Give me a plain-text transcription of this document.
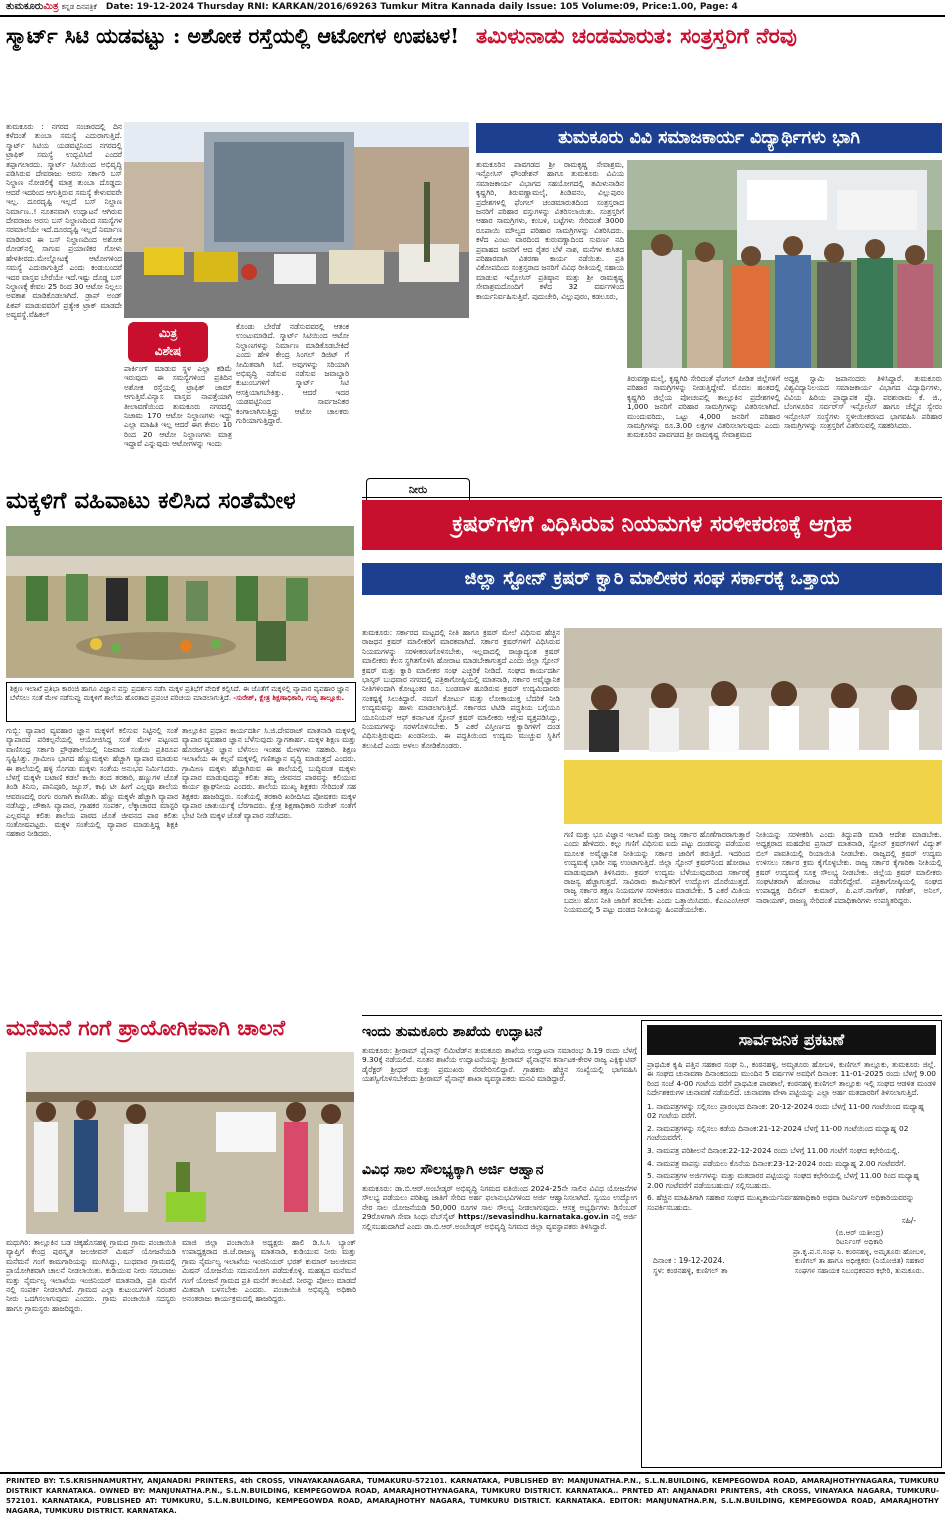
ತುಮಕೂರುಮಿತ್ರ ಕನ್ನಡ ದಿನಪತ್ರಿಕೆ Date: 19-12-2024 Thursday RNI: KARKAN/2016/69263 Tumkur Mitra Kannada daily Issue: 105 Volume:09, Price:1.00, Page: 4
ಸ್ಮಾರ್ಟ್ ಸಿಟಿ ಯಡವಟ್ಟು : ಅಶೋಕ ರಸ್ತೆಯಲ್ಲಿ ಆಟೋಗಳ ಉಪಟಳ!
ತುಮಕೂರು : ನಗರದ ಸಂಚಾರದಲ್ಲಿ ದಿನ ಕಳೆದಂತೆ ತುಂಬಾ ಸಮಸ್ಯೆ ಎದುರಾಗುತ್ತಿದೆ. ಸ್ಮಾರ್ಟ್ ಸಿಟಿಯ ಯಡವಟ್ಟಿನಿಂದ ನಗರದಲ್ಲಿ ಟ್ರಾಫಿಕ್ ಸಮಸ್ಯೆ ಉದ್ಭವಿಸಿದೆ ಎಂದರೆ ತಪ್ಪಾಗಲಾರದು. ಸ್ಮಾರ್ಟ್ ಸಿಟಿಯಿಂದ ಅಭಿವೃದ್ಧಿ ಪಡಿಸಿರುವ ದೇವರಾಜು ಅರಸು ಸರ್ಕಾರಿ ಬಸ್ ನಿಲ್ದಾಣ ನೋಡಲಿಕ್ಕೆ ಮಾತ್ರ ತುಂಬಾ ದೊಡ್ಡದು ಆದರೆ ಇದರಿಂದ ಆಗುತ್ತಿರುವ ಸಮಸ್ಯೆ ಕೇಳುವವರೇ ಇಲ್ಲ. ದೂರದೃಷ್ಟಿ ಇಲ್ಲದೆ ಬಸ್ ನಿಲ್ದಾಣ ನಿರ್ಮಾಣ..! ನೂತನವಾಗಿ ಉದ್ಘಾಟನೆ ಆಗಿರುವ ದೇವರಾಜು ಅರಸು ಬಸ್ ನಿಲ್ದಾಣದಿಂದ ಸಮಸ್ಯೆಗಳ ಸರಮಾಲೆಯೇ ಇದೆ.ದೂರದೃಷ್ಟಿ ಇಲ್ಲದೆ ನಿರ್ಮಾಣ ಮಾಡಿರುವ ಈ ಬಸ್ ನಿಲ್ದಾಣದಿಂದ ಅಶೋಕ ರೋಡ್‌ನಲ್ಲಿ ಸಾಗುವ ಪ್ರಯಾಣಿಕರ ಗೋಳು ಹೇಳತೀರದು.ಮೇಲ್ನೋಟಕ್ಕೆ ಆಟೋಗಳಿಂದ ಸಮಸ್ಯೆ ಎದುರಾಗುತ್ತಿದೆ ಎಂದು ಕಂಡುಬಂದರೆ ಇದರ ವಾಸ್ತವ ಬೇರೆಯೇ ಇದೆ.ಇಷ್ಟು ದೊಡ್ಡ ಬಸ್ ನಿಲ್ದಾಣಕ್ಕೆ ಕೇವಲ 25 ರಿಂದ 30 ಆಟೋ ನಿಲ್ಲಲು ಅವಕಾಶ ಮಾಡಿಕೊಡಲಾಗಿದೆ. ಡ್ರಾಪ್ ಅಂಡ್ ಪಿಕಪ್ ಮಾಡುವವರಿಗೆ ಪ್ರತ್ಯೇಕ ಟ್ರಾಕ್ ಮಾಡದೇ ಅವ್ಯವಸ್ಥೆ.ವೆಹಿಕಲ್
ಪಾರ್ಕಿಂಗ್ ಮಾಡುವ ಸ್ಥಳ ಎಲ್ಲಾ ಕಡಿಮೆ ಇರುವುದು ಈ ಸಮಸ್ಯೆಗಳಿಂದ ಪ್ರತಿದಿನ ಅಶೋಕ ರಸ್ತೆಯಲ್ಲಿ ಟ್ರಾಫಿಕ್ ಜಾಮ್ ಆಗುತ್ತಿವೆ.ವಿನ್ಯಾಸ ವಾಸ್ತವ ನಾಪತ್ತೆಯಾಗಿ ತೀಲಾವಣೆಯಿಂದ ತುಮಕೂರು ನಗರದಲ್ಲಿ ನಿಜಾಮ 170 ಆಟೋ ನಿಲ್ದಾಣಗಳು ಇದ್ದು ಎಲ್ಲಾ ಮಾಹಿತಿ ಇಲ್ಲ ಆದರೆ ಈಗ ಕೇವಲ 10 ರಿಂದ 20 ಆಟೋ ನಿಲ್ದಾಣಗಳು ಮಾತ್ರ ಇದ್ದಾವೆ ಎನ್ನುವುದು ಆಟೋಗಳನ್ನು ಇಂದು
ಮಿತ್ರ
ವಿಶೇಷ
ಕೊಂಡು ಬೇರೆಡೆ ನಡೆಸುವವರಲ್ಲಿ ಆತಂಕ ಉಂಟುಮಾಡಿದೆ. ಸ್ಮಾರ್ಟ್ ಸಿಟಿಯಿಂದ ಆಟೋ ನಿಲ್ದಾಣಗಳನ್ನು ನಿರ್ಮಾಣ ಮಾಡಿಕೊಡಬೇಕಿದೆ ಎಂದು ಹೇಳಿ ಕೇಂದ್ರ ಸಿಂಗಲ್ ಡಿಜಿಟ್ ಗೆ ಸೀಮಿತವಾಗಿ ಸಿದೆ. ಅವುಗಳನ್ನು ಸರಿಯಾಗಿ ಅಭಿವೃದ್ಧಿ ನಡೆಸುವ ನಡೆಸುವ ಜವಾಬ್ದಾರಿ ಕುಟುಂಬಗಳಿಗೆ ಸ್ಮಾರ್ಟ್ ಸಿಟಿ ಆಸಕ್ತಿಯಾಗಬೇಕಿತ್ತು. ಆದರೆ ಇದರ ಯಡವಟ್ಟಿನಿಂದ ಸಾರ್ವಜನಿಕರ ಕಂಗಾಲಾಗಿಸುತ್ತಿದ್ದು ಆಟೋ ಚಾಲಕರು ಗುರಿಯಾಗುತ್ತಿದ್ದಾರೆ.
ತಮಿಳುನಾಡು ಚಂಡಮಾರುತ: ಸಂತ್ರಸ್ತರಿಗೆ ನೆರವು
ತುಮಕೂರು ವಿವಿ ಸಮಾಜಕಾರ್ಯ ವಿದ್ಯಾರ್ಥಿಗಳು ಭಾಗಿ
ತುಮಕೂರಿನ ಪಾವಗಡದ ಶ್ರೀ ರಾಮಕೃಷ್ಣ ಸೇವಾಶ್ರಮ, ಇನ್ಫೋಸಿಸ್ ಫೌಂಡೇಶನ್ ಹಾಗೂ ತುಮಕೂರು ವಿವಿಯ ಸಮಾಜಕಾರ್ಯ ವಿಭಾಗದ ಸಹಯೋಗದಲ್ಲಿ ತಮಿಳುನಾಡಿನ ಕೃಷ್ಣಗಿರಿ, ತಿರುವಣ್ಣಾಮಲೈ, ತಿಂಡಿವನಂ, ವಿಲ್ಲುಪುರಂ ಪ್ರದೇಶಗಳಲ್ಲಿ ಫೆಂಗಲ್ ಚಂಡಮಾರುತದಿಂದ ಸಂತ್ರಸ್ತರಾದ ಜನರಿಗೆ ಪರಿಹಾರ ವಸ್ತುಗಳನ್ನು ವಿತರಿಸಲಾಯಿತು. ಸಂತ್ರಸ್ತರಿಗೆ ಆಹಾರ ಸಾಮಗ್ರಿಗಳು, ಕಂಬಳಿ, ಬಟ್ಟೆಗಳು ಸೇರಿದಂತೆ 3000 ರೂಪಾಯಿ ಮೌಲ್ಯದ ಪರಿಹಾರ ಸಾಮಗ್ರಿಗಳನ್ನು ವಿತರಿಸಿದರು. ಕಳೆದ ಎಂಟು ವಾರದಿಂದ ಕುರುವಣ್ಣಾದಿಂದ ಸುವರ್ಣ ನದಿ ಪ್ರವಾಹದ ಜನರಿಗೆ ಆದ ರೈತರ ಬೆಳೆ ನಾಶ, ಮನೆಗಳ ಕುಸಿತದ ಪರಿಹಾರವಾಗಿ ವಿತರಣಾ ಕಾರ್ಯ ನಡೆಯಿತು. ಪ್ರತಿ ವಿಕೋಪದಿಂದ ಸಂತ್ರಸ್ತರಾದ ಜನರಿಗೆ ವಿವಿಧ ರೀತಿಯಲ್ಲಿ ಸಹಾಯ ಮಾಡುವ ಇನ್ಫೋಸಿಸ್ ಪ್ರತಿಷ್ಠಾನ ಮತ್ತು ಶ್ರೀ ರಾಮಕೃಷ್ಣ ಸೇವಾಶ್ರಮದೊಂದಿಗೆ ಕಳೆದ 32 ವರ್ಷಗಳಿಂದ ಕಾರ್ಯನಿರ್ವಹಿಸುತ್ತಿವೆ. ಪುದುಚೇರಿ, ವಿಲ್ಲುಪುರಂ, ಕಡಲೂರು,
ತಿರುವಣ್ಣಾಮಲೈ, ಕೃಷ್ಣಗಿರಿ ಸೇರಿದಂತೆ ಫೆಂಗಲ್ ಪೀಡಿತ ಜಿಲ್ಲೆಗಳಿಗೆ ಪರಿಹಾರ ಸಾಮಗ್ರಿಗಳನ್ನು ನೀಡುತ್ತಿದ್ದೇವೆ. ಮೊದಲ ಹಂತದಲ್ಲಿ ಕೃಷ್ಣಗಿರಿ ಜಿಲ್ಲೆಯ ಪೋಚಂಪಲ್ಲಿ ತಾಲ್ಲೂಕಿನ ಪ್ರದೇಶಗಳಲ್ಲಿ 1,000 ಜನರಿಗೆ ಪರಿಹಾರ ಸಾಮಗ್ರಿಗಳನ್ನು ವಿತರಿಸಲಾಗಿದೆ. ಮುಂದುವರಿದು, ಒಟ್ಟು 4,000 ಜನರಿಗೆ ಪರಿಹಾರ ಸಾಮಗ್ರಿಗಳನ್ನು ರೂ.3.00 ಲಕ್ಷಗಳ ವಿತರಿಸಲಾಗುವುದು ಎಂದು ತುಮಕೂರಿನ ಪಾವಗಡದ ಶ್ರೀ ರಾಮಕೃಷ್ಣ ಸೇವಾಶ್ರಮದ
ಅಧ್ಯಕ್ಷ ಸ್ವಾಮಿ ಜಪಾನಂದರು ತಿಳಿಸಿದ್ದಾರೆ. ತುಮಕೂರು ವಿಶ್ವವಿದ್ಯಾನಿಲಯದ ಸಮಾಜಕಾರ್ಯ ವಿಭಾಗದ ವಿದ್ಯಾರ್ಥಿಗಳು, ವಿವಿಯ ಹಿರಿಯ ಪ್ರಾಧ್ಯಾಪಕ ಪ್ರೊ. ಪರಶುರಾಮ ಕೆ. ಜಿ., ಬೆಂಗಳೂರಿನ ಸರ್ವರ್‌ಸ್ ಇನ್ಫೋಸಿಸ್ ಹಾಗೂ ಚೆನ್ನೈನ ಸ್ವೇರಂ ಇನ್ಫೋಸಿಸ್ ಸಂಸ್ಥೆಗಳು ಸ್ಥಳೀಯೀಕರಣದ ಭಾಗವಹಿಸಿ ಪರಿಹಾರ ಸಾಮಗ್ರಿಗಳನ್ನು ಸಂತ್ರಸ್ತರಿಗೆ ವಿತರಿಸುವಲ್ಲಿ ಸಹಕರಿಸಿದರು.
ಮಕ್ಕಳಿಗೆ ವಹಿವಾಟು ಕಲಿಸಿದ ಸಂತೆಮೇಳ	ನೀರು
ಶಿಕ್ಷಣ ಇಲಾಖೆ ಪ್ರತಿಭಾ ಕಾರಂಜಿ ಹಾಗೂ ವಿಜ್ಞಾನ ವಸ್ತು ಪ್ರದರ್ಶನ ನಡೆಸಿ ಮಕ್ಕಳ ಪ್ರತಿಭೆಗೆ ವೇದಿಕೆ ಕಲ್ಪಿಸಿದೆ. ಈ ಜೊತೆಗೆ ಮಕ್ಕಳಲ್ಲಿ ವ್ಯಾಪಾರ ವ್ಯವಹಾರ ಜ್ಞಾನ ಬೆಳೆಸಲು ಸಂತೆ ಮೇಳ ನಡೆಸುವ್ವು ಮಕ್ಕಳಿಗೆ ಶಾಲೆಯ ಹೊರತಾದ ಪ್ರಪಂಚ ಪರಿಚಯ ಮಾಡಲಾಗುತ್ತಿದೆ. -ಸುರೇಶ್, ಕ್ಷೇತ್ರ ಶಿಕ್ಷಣಾಧಿಕಾರಿ, ಗುಬ್ಬಿ ತಾಲ್ಲೂಕು.
ಗುಬ್ಬಿ: ವ್ಯಾಪಾರ ವ್ಯವಹಾರ ಜ್ಞಾನ ಮಕ್ಕಳಿಗೆ ಕಲಿಸುವ ನಿಟ್ಟಿನಲ್ಲಿ ಸಂತೆ ವ್ಯಾಪಾರದ ಪರಿಕಲ್ಪನೆಯಲ್ಲಿ ಆಯೋಜಿಸಿದ್ದ ಸಂತೆ ಮೇಳ ಪಟ್ಟಣದ ವಾಣಿಸಂಧ್ರ ಸರ್ಕಾರಿ ಪ್ರೌಢಶಾಲೆಯಲ್ಲಿ ನಿಜವಾದ ಸಂತೆಯ ಪ್ರತಿರೂಪ ಸೃಷ್ಟಿಸಿತ್ತು. ಗ್ರಾಮೀಣ ಭಾಗದ ಹೆಣ್ಣುಮಕ್ಕಳು ಹೆಚ್ಚಾಗಿ ವ್ಯಾಪಾರ ಮಾಡುವ ಈ ಶಾಲೆಯಲ್ಲಿ ಹಳ್ಳಿ ಸೊಗಡು ಮಕ್ಕಳು ಸಂತೆಯ ಅನುಭವ ನಿರ್ಮಿಸಿದರು. ಬೆಳಗ್ಗೆ ಮಕ್ಕಳೇ ಬಟಾಣಿ ಕಡಲೆ ಕಾಯಿ ತಂದ ತರಕಾರಿ, ಹಣ್ಣುಗಳ ಜೊತೆ ತಿಂಡಿ ತಿನಿಸು, ಪಾನಿಪೂರಿ, ಜ್ಯೂಸ್, ಕಾಫಿ ಟೀ ಹೀಗೆ ಎಲ್ಲವೂ ಶಾಲೆಯ ಆವರಣದಲ್ಲಿ ರಂಗು ರಂಗಾಗಿ ಕಾಣಿಸಿತು. ಹೆಣ್ಣು ಮಕ್ಕಳೇ ಹೆಚ್ಚಾಗಿ ವ್ಯಾಪಾರ ನಡೆಸಿದ್ದು, ಚೌಕಾಸಿ ವ್ಯಾಪಾರ, ಗ್ರಾಹಕರ ಸಂಪರ್ಕ, ಲೆಕ್ಕಾಚಾರದ ಮಾಸ್ಟರಿ ಎಲ್ಲವನ್ನೂ ಕಲಿತು ಶಾಲೆಯ ಪಾಠದ ಜೊತೆ ಜೀವನದ ಪಾಠ ಕಲಿತು ಸಂತೋಷಪಟ್ಟರು. ಮಕ್ಕಳ ಸಂತೆಯಲ್ಲಿ ವ್ಯಾಪಾರ ಮಾಡುತ್ತಿದ್ದ ಶಿಕ್ಷಕಿ ಸಹಕಾರ ನೀಡಿದರು.
ತಾಲ್ಲೂಕಿನ ಪ್ರಧಾನ ಕಾರ್ಯದರ್ಶಿ ಸಿ.ಜಿ.ದೇವರಾಜ್ ಮಾತನಾಡಿ ಮಕ್ಕಳಲ್ಲಿ ವ್ಯಾಪಾರ ವ್ಯವಹಾರ ಜ್ಞಾನ ಬೆಳೆಸುವುದು ಸ್ವಾಗತಾರ್ಹ. ಮಕ್ಕಳ ಶಿಕ್ಷಣ ಮತ್ತು ಹೊರಜಗತ್ತಿನ ಜ್ಞಾನ ಬೆಳೆಸಲು ಇಂತಹ ಮೇಳಗಳು ಸಹಕಾರಿ. ಶಿಕ್ಷಣ ಇಲಾಖೆಯ ಈ ಕಲ್ಪನೆ ಮಕ್ಕಳಲ್ಲಿ ಗಣಿತಜ್ಞಾನ ವೃದ್ಧಿ ಮಾಡುತ್ತದೆ ಎಂದರು. ಗ್ರಾಮೀಣ ಮಕ್ಕಳು ಹೆಚ್ಚಾಗಿರುವ ಈ ಶಾಲೆಯಲ್ಲಿ ಬುದ್ಧಿವಂತ ಮಕ್ಕಳು ವ್ಯಾಪಾರ ಮಾಡುವುದನ್ನು ಕಲಿತು ತಮ್ಮ ಜೀವನದ ಪಾಠವನ್ನು ಕಲಿಯುವ ಕಾರ್ಯ ಶ್ಲಾಘನೀಯ ಎಂದರು. ಶಾಲೆಯ ಮುಖ್ಯ ಶಿಕ್ಷಕರು ಸೇರಿದಂತೆ ಸಹ ಶಿಕ್ಷಕರು ಹಾಜರಿದ್ದರು. ಸಂತೆಯಲ್ಲಿ ತರಕಾರಿ ಖರೀದಿಸಿದ ಪೋಷಕರು ಮಕ್ಕಳ ವ್ಯಾಪಾರ ಚಾತುರ್ಯಕ್ಕೆ ಬೆರಗಾದರು. ಕ್ಷೇತ್ರ ಶಿಕ್ಷಣಾಧಿಕಾರಿ ಸುರೇಶ್ ಸಂತೆಗೆ ಭೇಟಿ ನೀಡಿ ಮಕ್ಕಳ ಜೊತೆ ವ್ಯಾಪಾರ ನಡೆಸಿದರು.
ಕ್ರಷರ್‌ಗಳಿಗೆ ವಿಧಿಸಿರುವ ನಿಯಮಗಳ ಸರಳೀಕರಣಕ್ಕೆ ಆಗ್ರಹ
ಜಿಲ್ಲಾ ಸ್ಟೋನ್ ಕ್ರಷರ್ ಕ್ವಾರಿ ಮಾಲೀಕರ ಸಂಘ ಸರ್ಕಾರಕ್ಕೆ ಒತ್ತಾಯ
ತುಮಕೂರು: ಸರ್ಕಾರದ ಮಟ್ಟದಲ್ಲಿ ನೀತಿ ಹಾಗೂ ಕ್ರಷರ್ ಮೇಲೆ ವಿಧಿಸುವ ಹೆಚ್ಚಿನ ರಾಜಧನ ಕ್ರಷರ್ ಮಾಲೀಕರಿಗೆ ಮಾರಕವಾಗಿದೆ. ಸರ್ಕಾರ ಕ್ರಷರ್‌ಗಳಿಗೆ ವಿಧಿಸಿರುವ ನಿಯಮಗಳನ್ನು ಸರಳೀಕರಣಗೊಳಿಸಬೇಕು, ಇಲ್ಲವಾದಲ್ಲಿ ರಾಜ್ಯಾದ್ಯಂತ ಕ್ರಷರ್ ಮಾಲೀಕರು ಕೆಲಸ ಸ್ಥಗಿತಗೊಳಿಸಿ ಹೋರಾಟ ಮಾಡಬೇಕಾಗುತ್ತದೆ ಎಂದು ಜಿಲ್ಲಾ ಸ್ಟೋನ್ ಕ್ರಷರ್ ಮತ್ತು ಕ್ವಾರಿ ಮಾಲೀಕರ ಸಂಘ ಎಚ್ಚರಿಕೆ ನೀಡಿದೆ. ಸಂಘದ ಕಾರ್ಯದರ್ಶಿ ಭಾಸ್ಕರ್ ಬುಧವಾರ ನಗರದಲ್ಲಿ ಪತ್ರಿಕಾಗೋಷ್ಠಿಯಲ್ಲಿ ಮಾತನಾಡಿ, ಸರ್ಕಾರ ಅವೈಜ್ಞಾನಿಕ ನೀತಿಗಳಿಂದಾಗಿ ಕೋಟ್ಯಂತರ ರೂ. ಬಂಡವಾಳ ಹೂಡಿರುವ ಕ್ರಷರ್ ಉದ್ಯಮಿದಾರರು ಸಂಕಷ್ಟಕ್ಕೆ ಸಿಲುಕಿದ್ದಾರೆ. ನಮಗೆ ಕೋರ್ಟು ಮತ್ತು ಲೋಕಾಯುಕ್ತ ಬೆದರಿಕೆ ನೀಡಿ ಉದ್ಯಮವನ್ನು ಹಾಳು ಮಾಡಲಾಗುತ್ತಿದೆ. ಸರ್ಕಾರದ ಟಿಟಿಡಿ ಪದ್ಧತಿಯ ಬಗ್ಗೆಯೂ ಯೂನಿಯನ್ ಆಫ್ ಕರ್ನಾಟಕ ಸ್ಟೋನ್ ಕ್ರಷರ್ ಮಾಲೀಕರು ಆಕ್ಷೇಪ ವ್ಯಕ್ತಪಡಿಸಿದ್ದು, ನಿಯಮಗಳನ್ನು ಸರಳಗೊಳಿಸಬೇಕು. 5 ಎಕರೆ ವಿಸ್ತೀರ್ಣದ ಕ್ವಾರಿಗಳಿಗೆ ದಂಡ ವಿಧಿಸುತ್ತಿರುವುದು ಖಂಡನೀಯ. ಈ ಪದ್ಧತಿಯಿಂದ ಉದ್ಯಮ ಮುಚ್ಚುವ ಸ್ಥಿತಿಗೆ ತಲುಪಿದೆ ಎಂದು ಅಳಲು ತೋಡಿಕೊಂಡರು.
ಗಣಿ ಮತ್ತು ಭೂ ವಿಜ್ಞಾನ ಇಲಾಖೆ ಮತ್ತು ರಾಜ್ಯ ಸರ್ಕಾರ ಹೊಣೆಗಾರರಾಗುತ್ತಾರೆ ಎಂದು ಹೇಳಿದರು. ಕಲ್ಲು ಗಣಿಗೆ ವಿಧಿಸುವ ಐದು ಪಟ್ಟು ದಂಡವನ್ನು ಪಡೆಯುವ ಮೂಲಕ ಅವೈಜ್ಞಾನಿಕ ನೀತಿಯನ್ನು ಸರ್ಕಾರ ಜಾರಿಗೆ ತರುತ್ತಿದೆ. ಇದರಿಂದ ಉದ್ಯಮಕ್ಕೆ ಭಾರೀ ನಷ್ಟ ಉಂಟಾಗುತ್ತಿದೆ. ಜಿಲ್ಲಾ ಸ್ಟೋನ್ ಕ್ರಷರ್‌ನಿಂದ ಹೋರಾಟ ಮಾಡುವುದಾಗಿ ತಿಳಿಸಿದರು. ಕ್ರಷರ್ ಉದ್ಯಮ ಬೆಳೆಯುವುದರಿಂದ ಸರ್ಕಾರಕ್ಕೆ ರಾಜಸ್ವ ಹೆಚ್ಚಾಗುತ್ತದೆ. ಸಾವಿರಾರು ಕಾರ್ಮಿಕರಿಗೆ ಉದ್ಯೋಗ ದೊರೆಯುತ್ತದೆ. ರಾಜ್ಯ ಸರ್ಕಾರ ತಕ್ಷಣ ನಿಯಮಗಳ ಸರಳೀಕರಣ ಮಾಡಬೇಕು. 5 ಎಕರೆ ಮಿತಿಯ ಬದಲು ಹೊಸ ನೀತಿ ಜಾರಿಗೆ ತರಬೇಕು ಎಂದು ಒತ್ತಾಯಿಸಿದರು. ಕೆಎಂಎಂಸಿಆರ್ ನಿಯಮದಲ್ಲಿ 5 ಪಟ್ಟು ದಂಡದ ನೀತಿಯನ್ನು ಹಿಂಪಡೆಯಬೇಕು.
ನೀತಿಯನ್ನು ಸರಳೀಕರಿಸಿ ಎಂದು ತಿದ್ದುಪಡಿ ಮಾಡಿ ಆದೇಶ ಮಾಡಬೇಕು. ಅಧ್ಯಕ್ಷರಾದ ಮಹದೇವ ಪ್ರಸಾದ್ ಮಾತನಾಡಿ, ಸ್ಟೋನ್ ಕ್ರಷರ್‌ಗಳಿಗೆ ವಿದ್ಯುತ್ ಬಿಲ್ ಪಾವತಿಯಲ್ಲಿ ರಿಯಾಯಿತಿ ನೀಡಬೇಕು. ರಾಜ್ಯದಲ್ಲಿ ಕ್ರಷರ್ ಉದ್ಯಮ ಉಳಿಸಲು ಸರ್ಕಾರ ಕ್ರಮ ಕೈಗೊಳ್ಳಬೇಕು. ರಾಜ್ಯ ಸರ್ಕಾರ ಕೈಗಾರಿಕಾ ನೀತಿಯಲ್ಲಿ ಕ್ರಷರ್ ಉದ್ಯಮಕ್ಕೆ ಸೂಕ್ತ ಸೌಲಭ್ಯ ನೀಡಬೇಕು. ಜಿಲ್ಲೆಯ ಕ್ರಷರ್ ಮಾಲೀಕರು ಸಂಘಟಿತರಾಗಿ ಹೋರಾಟ ನಡೆಸಲಿದ್ದೇವೆ. ಪತ್ರಿಕಾಗೋಷ್ಠಿಯಲ್ಲಿ ಸಂಘದ ಉಪಾಧ್ಯಕ್ಷ ದಿಲೀಪ್ ಕುಮಾರ್, ಪಿ.ಎಸ್.ನಾಗೇಶ್, ಗಣೇಶ್, ಅನಿಲ್, ನಾರಾಯಣ್, ರಾಜಣ್ಣ ಸೇರಿದಂತೆ ಪದಾಧಿಕಾರಿಗಳು ಉಪಸ್ಥಿತರಿದ್ದರು.
ಮನೆಮನೆ ಗಂಗೆ ಪ್ರಾಯೋಗಿಕವಾಗಿ ಚಾಲನೆ
ಮಧುಗಿರಿ: ತಾಲ್ಲೂಕಿನ ಬಡ ಚಿಕ್ಕಹೊಸಹಳ್ಳಿ ಗ್ರಾಮದ ಗ್ರಾಮ ಪಂಚಾಯಿತಿ ವ್ಯಾಪ್ತಿಗೆ ಕೇಂದ್ರ ಪುರಸ್ಕೃತ ಜಲಜೀವನ್ ಮಿಷನ್ ಯೋಜನೆಯಡಿ ಮನೆಮನೆ ಗಂಗೆ ಕಾಮಗಾರಿಯನ್ನು ಮುಗಿಸಿದ್ದು, ಬುಧವಾರ ಗ್ರಾಮದಲ್ಲಿ ಪ್ರಾಯೋಗಿಕವಾಗಿ ಚಾಲನೆ ನೀಡಲಾಯಿತು. ಕುಡಿಯುವ ನೀರು ಸರಬರಾಜು ಮತ್ತು ನೈರ್ಮಲ್ಯ ಇಲಾಖೆಯ ಇಂಜಿನಿಯರ್ ಮಾತನಾಡಿ, ಪ್ರತಿ ಮನೆಗೆ ನಲ್ಲಿ ಸಂಪರ್ಕ ನೀಡಲಾಗಿದೆ. ಗ್ರಾಮದ ಎಲ್ಲಾ ಕುಟುಂಬಗಳಿಗೆ ನಿರಂತರ ನೀರು ಒದಗಿಸಲಾಗುವುದು ಎಂದರು. ಗ್ರಾಮ ಪಂಚಾಯಿತಿ ಸದಸ್ಯರು ಹಾಗೂ ಗ್ರಾಮಸ್ಥರು ಹಾಜರಿದ್ದರು.
ಮಾಜಿ ಜಿಲ್ಲಾ ಪಂಚಾಯಿತಿ ಅಧ್ಯಕ್ಷರು ಹಾಲಿ ಡಿ.ಸಿ.ಸಿ ಬ್ಯಾಂಕ್ ಉಪಾಧ್ಯಕ್ಷರಾದ ಜಿ.ಜೆ.ರಾಜಣ್ಣ ಮಾತನಾಡಿ, ಕುಡಿಯುವ ನೀರು ಮತ್ತು ಗ್ರಾಮ ನೈರ್ಮಲ್ಯ ಇಲಾಖೆಯ ಇಂಜಿನಿಯರ್ ಭರತ್ ಕುಮಾರ್ ಜಲಜೀವನ ಮಿಷನ್ ಯೋಜನೆಯ ಸದುಪಯೋಗ ಪಡೆದುಕೊಳ್ಳಿ. ಮಹತ್ವದ ಮನೆಮನೆ ಗಂಗೆ ಯೋಜನೆ ಗ್ರಾಮದ ಪ್ರತಿ ಮನೆಗೆ ತಲುಪಿದೆ. ನೀರನ್ನು ಪೋಲು ಮಾಡದೆ ಮಿತವಾಗಿ ಬಳಸಬೇಕು ಎಂದರು. ಪಂಚಾಯಿತಿ ಅಭಿವೃದ್ಧಿ ಅಧಿಕಾರಿ ಅನಂತರಾಜು ಕಾರ್ಯಕ್ರಮದಲ್ಲಿ ಹಾಜರಿದ್ದರು.
ಇಂದು ತುಮಕೂರು ಶಾಖೆಯ ಉದ್ಘಾಟನೆ
ತುಮಕೂರು: ಶ್ರೀರಾಮ್ ಫೈನಾನ್ಸ್ ಲಿಮಿಟೆಡ್‌ನ ತುಮಕೂರು ಶಾಖೆಯ ಉದ್ಘಾಟನಾ ಸಮಾರಂಭ ಡಿ.19 ರಂದು ಬೆಳಗ್ಗೆ 9.30ಕ್ಕೆ ನಡೆಯಲಿದೆ. ನೂತನ ಶಾಖೆಯ ಉದ್ಘಾಟನೆಯನ್ನು ಶ್ರೀರಾಮ್ ಫೈನಾನ್ಸ್‌ನ ಕರ್ನಾಟಕ-ಕೇರಳ ರಾಜ್ಯ ಎಕ್ಸಿಕ್ಯುಟಿವ್ ಡೈರೆಕ್ಟರ್ ಶ್ರೀಧರ್ ಮತ್ತು ಪ್ರಮುಖರು ನೆರವೇರಿಸಲಿದ್ದಾರೆ. ಗ್ರಾಹಕರು ಹೆಚ್ಚಿನ ಸಂಖ್ಯೆಯಲ್ಲಿ ಭಾಗವಹಿಸಿ ಯಶಸ್ವಿಗೊಳಿಸಬೇಕೆಂದು ಶ್ರೀರಾಮ್ ಫೈನಾನ್ಸ್ ಶಾಖಾ ವ್ಯವಸ್ಥಾಪಕರು ಮನವಿ ಮಾಡಿದ್ದಾರೆ.
ವಿವಿಧ ಸಾಲ ಸೌಲಭ್ಯಕ್ಕಾಗಿ ಅರ್ಜಿ ಆಹ್ವಾನ
ತುಮಕೂರು: ಡಾ.ಬಿ.ಆರ್.ಅಂಬೇಡ್ಕರ್ ಅಭಿವೃದ್ಧಿ ನಿಗಮದ ವತಿಯಿಂದ 2024-25ನೇ ಸಾಲಿನ ವಿವಿಧ ಯೋಜನೆಗಳ ಸೌಲಭ್ಯ ಪಡೆಯಲು ಪರಿಶಿಷ್ಟ ಜಾತಿಗೆ ಸೇರಿದ ಅರ್ಹ ಫಲಾನುಭವಿಗಳಿಂದ ಅರ್ಜಿ ಆಹ್ವಾನಿಸಲಾಗಿದೆ. ಸ್ವಯಂ ಉದ್ಯೋಗ ನೇರ ಸಾಲ ಯೋಜನೆಯಡಿ 50,000 ರೂಗಳ ಸಾಲ ಸೌಲಭ್ಯ ನೀಡಲಾಗುವುದು. ಆಸಕ್ತ ಅಭ್ಯರ್ಥಿಗಳು ಡಿಸೆಂಬರ್ 29ರೊಳಗಾಗಿ ಸೇವಾ ಸಿಂಧು ವೆಬ್‌ಸೈಟ್ https://sevasindhu.karnataka.gov.in ನಲ್ಲಿ ಅರ್ಜಿ ಸಲ್ಲಿಸಬಹುದಾಗಿದೆ ಎಂದು ಡಾ.ಬಿ.ಆರ್.ಅಂಬೇಡ್ಕರ್ ಅಭಿವೃದ್ಧಿ ನಿಗಮದ ಜಿಲ್ಲಾ ವ್ಯವಸ್ಥಾಪಕರು ತಿಳಿಸಿದ್ದಾರೆ.
ಸಾರ್ವಜನಿಕ ಪ್ರಕಟಣೆ
ಪ್ರಾಥಮಿಕ ಕೃಷಿ ಪತ್ತಿನ ಸಹಕಾರ ಸಂಘ ನಿ., ಕಂಠನಹಳ್ಳಿ, ಅಮೃತೂರು ಹೋಬಳಿ, ಕುಣಿಗಲ್ ತಾಲ್ಲೂಕು, ತುಮಕೂರು ಜಿಲ್ಲೆ. ಈ ಸಂಘದ ಚುನಾವಣಾ ದಿನಾಂಕದಂದು ಮುಂದಿನ 5 ವರ್ಷಗಳ ಅವಧಿಗೆ ದಿನಾಂಕ: 11-01-2025 ರಂದು ಬೆಳಗ್ಗೆ 9.00 ರಿಂದ ಸಂಜೆ 4-00 ಗಂಟೆಯ ವರೆಗೆ ಪ್ರಾಥಮಿಕ ಪಾಠಶಾಲೆ, ಕಂಠನಹಳ್ಳಿ ಕುಣಿಗಲ್ ತಾಲ್ಲೂಕು ಇಲ್ಲಿ ಸಂಘದ ಆಡಳಿತ ಮಂಡಳಿ ನಿರ್ದೇಶಕರುಗಳ ಚುನಾವಣೆ ನಡೆಯಲಿದೆ. ಚುನಾವಣಾ ವೇಳಾ ಪಟ್ಟಿಯನ್ನು ಎಲ್ಲಾ ಅರ್ಹ ಮತದಾರರಿಗೆ ತಿಳಿಸಲಾಗುತ್ತಿದೆ.
1. ನಾಮಪತ್ರಗಳನ್ನು ಸಲ್ಲಿಸಲು ಪ್ರಾರಂಭದ ದಿನಾಂಕ: 20-12-2024 ರಂದು ಬೆಳಗ್ಗೆ 11-00 ಗಂಟೆಯಿಂದ ಮಧ್ಯಾಹ್ನ 02 ಗಂಟೆಯ ವರೆಗೆ.
2. ನಾಮಪತ್ರಗಳನ್ನು ಸಲ್ಲಿಸಲು ಕಡೆಯ ದಿನಾಂಕ:21-12-2024 ಬೆಳಗ್ಗೆ 11-00 ಗಂಟೆಯಿಂದ ಮಧ್ಯಾಹ್ನ 02 ಗಂಟೆಯವರೆಗೆ.
3. ನಾಮಪತ್ರ ಪರಿಶೀಲನೆ ದಿನಾಂಕ:22-12-2024 ರಂದು ಬೆಳಗ್ಗೆ 11.00 ಗಂಟೆಗೆ ಸಂಘದ ಕಛೇರಿಯಲ್ಲಿ.
4. ನಾಮಪತ್ರ ವಾಪಸ್ಸು ಪಡೆಯಲು ಕೊನೆಯ ದಿನಾಂಕ:23-12-2024 ರಂದು ಮಧ್ಯಾಹ್ನ 2.00 ಗಂಟೆವರೆಗೆ.
5. ನಾಮಪತ್ರಗಳ ಅರ್ಜಿಗಳನ್ನು ಮತ್ತು ಮತದಾರರ ಪಟ್ಟಿಯನ್ನು ಸಂಘದ ಕಛೇರಿಯಲ್ಲಿ ಬೆಳಗ್ಗೆ 11.00 ರಿಂದ ಮಧ್ಯಾಹ್ನ 2.00 ಗಂಟೆವರೆಗೆ ಪಡೆಯಬಹುದು/ ಸಲ್ಲಿಸಬಹುದು.
6. ಹೆಚ್ಚಿನ ಮಾಹಿತಿಗಾಗಿ ಸಹಕಾರ ಸಂಘದ ಮುಖ್ಯಕಾರ್ಯನಿರ್ವಹಣಾಧಿಕಾರಿ ಅಥವಾ ರಿಟರ್ನಿಂಗ್ ಅಧಿಕಾರಿಯವರನ್ನು ಸಂಪರ್ಕಿಸಬಹುದು.
ಸಹಿ/-
ದಿನಾಂಕ : 19-12-2024.
ಸ್ಥಳ: ಕಂಠನಹಳ್ಳಿ, ಕುಣಿಗಲ್ ತಾ
(ಬಿ.ಆರ್ ಯತೀಂದ್ರ)
ರಿಟರ್ನಿಂಗ್ ಅಧಿಕಾರಿ
ಪ್ರಾ.ಕೃ.ಪ.ಸ.ಸಂಘ ನಿ. ಕಂಠನಹಳ್ಳಿ, ಅಮೃತೂರು ಹೋಬಳಿ, ಕುಣಿಗಲ್ ತಾ ಹಾಗೂ ಅಧೀಕ್ಷಕರು (ನಿಯೋಜಿತ) ಸಹಕಾರ ಸಂಘಗಳ ಸಹಾಯಕ ನಿಬಂಧಕರವರ ಕಛೇರಿ, ತುಮಕೂರು.
PRINTED BY: T.S.KRISHNAMURTHY, ANJANADRI PRINTERS, 4th CROSS, VINAYAKANAGARA, TUMAKURU-572101. KARNATAKA, PUBLISHED BY: MANJUNATHA.P.N., S.L.N.BUILDING, KEMPEGOWDA ROAD, AMARAJHOTHYNAGARA, TUMKURU DISTRIKT KARNATAKA. OWNED BY: MANJUNATHA.P.N., S.L.N.BUILDING, KEMPEGOWDA ROAD, AMARAJHOTHYNAGARA, TUMKURU DISTRICT. KARNATAKA.. PRNTED AT: ANJANADRI PRINTERS, 4th CROSS, VINAYAKA NAGARA, TUMKURU-572101. KARNATAKA, PUBLISHED AT: TUMKURU, S.L.N.BUILDING, KEMPEGOWDA ROAD, AMARAJHOTHY NAGARA, TUMKURU DISTRICT. KARNATAKA. EDITOR: MANJUNATHA.P.N, S.L.N.BUILDING, KEMPEGOWDA ROAD, AMARAJHOTHY NAGARA, TUMKURU DISTRICT. KARNATAKA.
